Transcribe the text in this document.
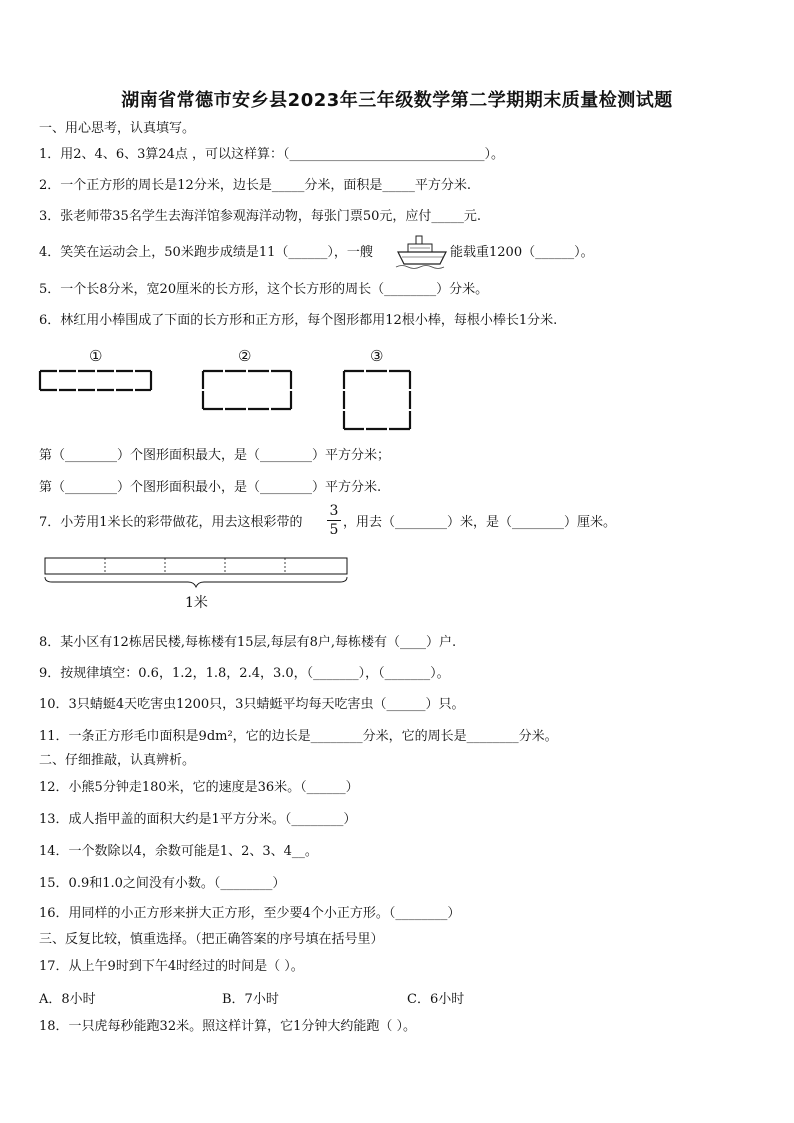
湖南省常德市安乡县2023年三年级数学第二学期期末质量检测试题
一、用心思考，认真填写。
1．用2、4、6、3算24点 ，可以这样算：（______________________________）。
2．一个正方形的周长是12分米，边长是_____分米，面积是_____平方分米.
3．张老师带35名学生去海洋馆参观海洋动物，每张门票50元，应付_____元.
4．笑笑在运动会上，50米跑步成绩是11（______），一艘	能载重1200（______）。
5．一个长8分米，宽20厘米的长方形，这个长方形的周长（________）分米。
6．林红用小棒围成了下面的长方形和正方形，每个图形都用12根小棒，每根小棒长1分米.
①	②	③
第（________）个图形面积最大，是（________）平方分米；
第（________）个图形面积最小，是（________）平方分米.
7．小芳用1米长的彩带做花，用去这根彩带的
3
5 ，用去（________）米，是（________）厘米。
1米
8．某小区有12栋居民楼,每栋楼有15层,每层有8户,每栋楼有（____）户.
9．按规律填空：0.6，1.2，1.8，2.4，3.0，（_______），（_______）。
10．3只蜻蜓4天吃害虫1200只，3只蜻蜓平均每天吃害虫（______）只。
11．一条正方形毛巾面积是9dm²，它的边长是________分米，它的周长是________分米。
二、仔细推敲，认真辨析。
12．小熊5分钟走180米，它的速度是36米。（______）
13．成人指甲盖的面积大约是1平方分米。（________）
14．一个数除以4，余数可能是1、2、3、4__。
15．0.9和1.0之间没有小数。（________）
16．用同样的小正方形来拼大正方形，至少要4个小正方形。（________）
三、反复比较，慎重选择。（把正确答案的序号填在括号里）
17．从上午9时到下午4时经过的时间是（ ）。
A．8小时	B．7小时	C．6小时
18．一只虎每秒能跑32米。照这样计算，它1分钟大约能跑（ ）。
